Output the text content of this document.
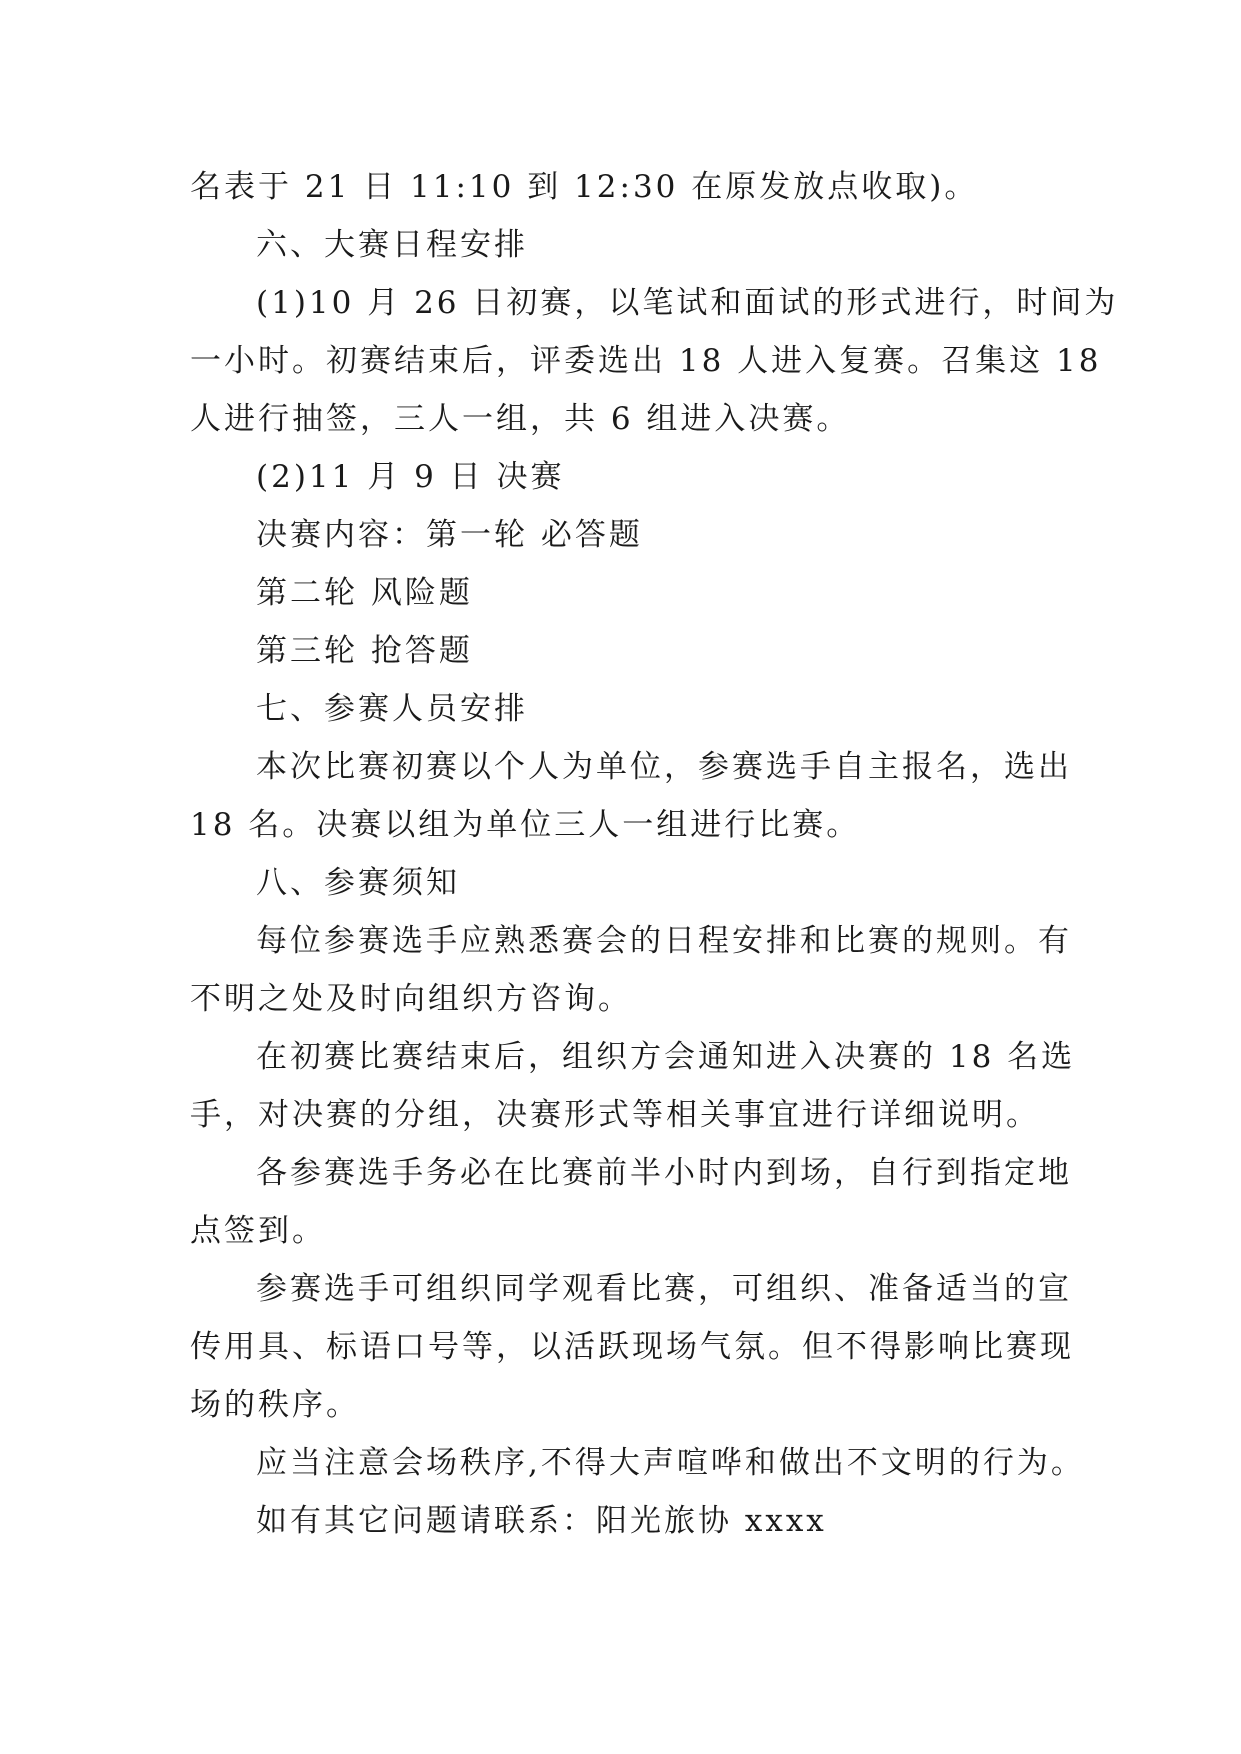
名表于 21 日 11:10 到 12:30 在原发放点收取)。
六、大赛日程安排
(1)10 月 26 日初赛，以笔试和面试的形式进行，时间为
一小时。初赛结束后，评委选出 18 人进入复赛。召集这 18
人进行抽签，三人一组，共 6 组进入决赛。
(2)11 月 9 日 决赛
决赛内容：第一轮 必答题
第二轮 风险题
第三轮 抢答题
七、参赛人员安排
本次比赛初赛以个人为单位，参赛选手自主报名，选出
18 名。决赛以组为单位三人一组进行比赛。
八、参赛须知
每位参赛选手应熟悉赛会的日程安排和比赛的规则。有
不明之处及时向组织方咨询。
在初赛比赛结束后，组织方会通知进入决赛的 18 名选
手，对决赛的分组，决赛形式等相关事宜进行详细说明。
各参赛选手务必在比赛前半小时内到场，自行到指定地
点签到。
参赛选手可组织同学观看比赛，可组织、准备适当的宣
传用具、标语口号等，以活跃现场气氛。但不得影响比赛现
场的秩序。
应当注意会场秩序,不得大声喧哗和做出不文明的行为。
如有其它问题请联系：阳光旅协 xxxx
